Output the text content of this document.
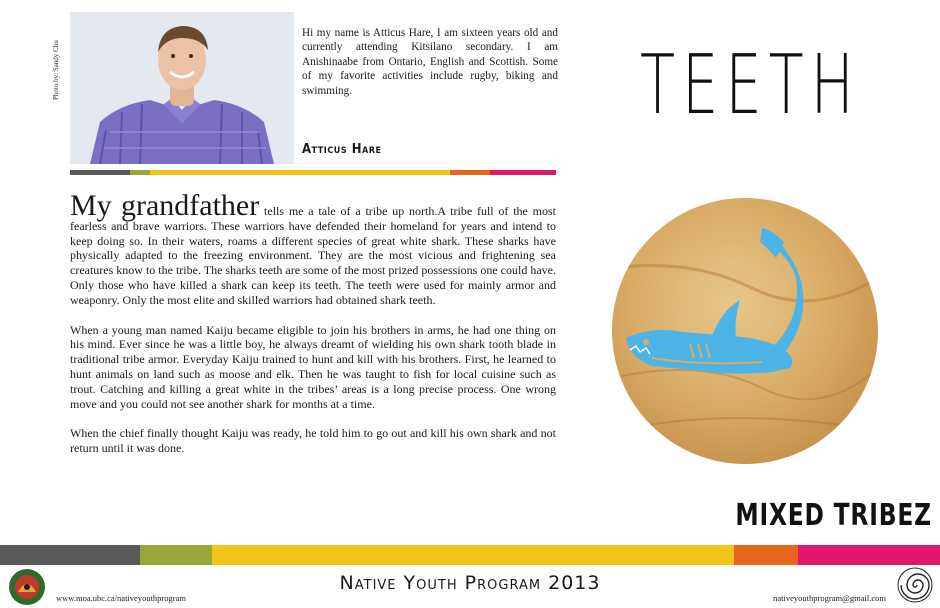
Photo by: Sandy Chu
Hi my name is Atticus Hare, I am sixteen years old and currently attending Kitsilano secondary. I am Anishinaabe from Ontario, English and Scottish. Some of my favorite activities include rugby, biking and swimming.
Atticus Hare

My grandfather tells me a tale of a tribe up north.A tribe full of the most fearless and brave warriors. These warriors have defended their homeland for years and intend to keep doing so. In their waters, roams a different species of great white shark. These sharks have physically adapted to the freezing environment. They are the most vicious and frightening sea creatures know to the tribe. The sharks teeth are some of the most prized possessions one could have. Only those who have killed a shark can keep its teeth. The teeth were used for mainly armor and weaponry. Only the most elite and skilled warriors had obtained shark teeth.

When a young man named Kaiju became eligible to join his brothers in arms, he had one thing on his mind. Ever since he was a little boy, he always dreamt of wielding his own shark tooth blade in traditional tribe armor. Everyday Kaiju trained to hunt and kill with his brothers. First, he learned to hunt animals on land such as moose and elk. Then he was taught to fish for local cuisine such as trout. Catching and killing a great white in the tribes’ areas is a long precise process. One wrong move and you could not see another shark for months at a time.

When the chief finally thought Kaiju was ready, he told him to go out and kill his own shark and not return until it was done.

TEETH
MIXED TRIBEZ
www.moa.ubc.ca/nativeyouthprogram
Native Youth Program 2013
nativeyouthprogram@gmail.com
